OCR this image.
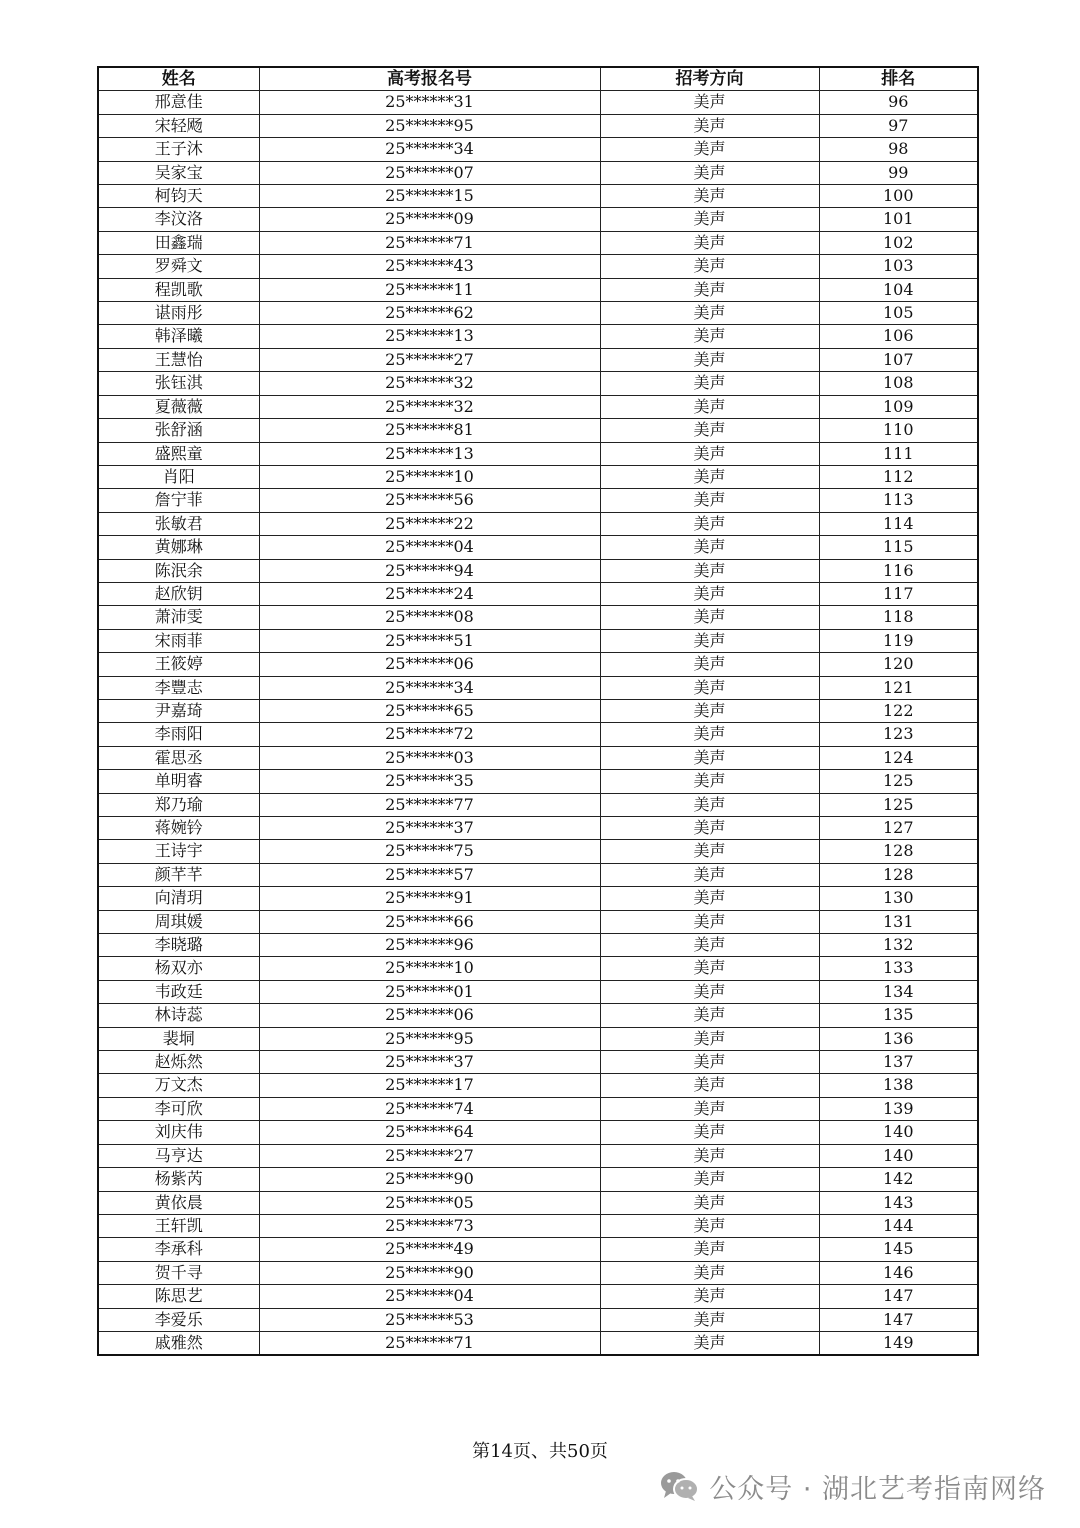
姓名	高考报名号	招考方向	排名
邢意佳	25******31	美声	96
宋轻飏	25******95	美声	97
王子沐	25******34	美声	98
吴家宝	25******07	美声	99
柯钧天	25******15	美声	100
李汶洛	25******09	美声	101
田鑫瑞	25******71	美声	102
罗舜文	25******43	美声	103
程凯歌	25******11	美声	104
谌雨彤	25******62	美声	105
韩泽曦	25******13	美声	106
王慧怡	25******27	美声	107
张钰淇	25******32	美声	108
夏薇薇	25******32	美声	109
张舒涵	25******81	美声	110
盛熙童	25******13	美声	111
肖阳	25******10	美声	112
詹宁菲	25******56	美声	113
张敏君	25******22	美声	114
黄娜琳	25******04	美声	115
陈泯余	25******94	美声	116
赵欣钥	25******24	美声	117
萧沛雯	25******08	美声	118
宋雨菲	25******51	美声	119
王筱婷	25******06	美声	120
李豐志	25******34	美声	121
尹嘉琦	25******65	美声	122
李雨阳	25******72	美声	123
霍思丞	25******03	美声	124
单明睿	25******35	美声	125
郑乃瑜	25******77	美声	125
蒋婉钤	25******37	美声	127
王诗宇	25******75	美声	128
颜芊芊	25******57	美声	128
向清玥	25******91	美声	130
周琪媛	25******66	美声	131
李晓璐	25******96	美声	132
杨双亦	25******10	美声	133
韦政廷	25******01	美声	134
林诗蕊	25******06	美声	135
裴垌	25******95	美声	136
赵烁然	25******37	美声	137
万文杰	25******17	美声	138
李可欣	25******74	美声	139
刘庆伟	25******64	美声	140
马亨达	25******27	美声	140
杨紫芮	25******90	美声	142
黄依晨	25******05	美声	143
王轩凯	25******73	美声	144
李承科	25******49	美声	145
贺千寻	25******90	美声	146
陈思艺	25******04	美声	147
李爱乐	25******53	美声	147
戚雅然	25******71	美声	149
第14页、共50页
公众号 · 湖北艺考指南网络
